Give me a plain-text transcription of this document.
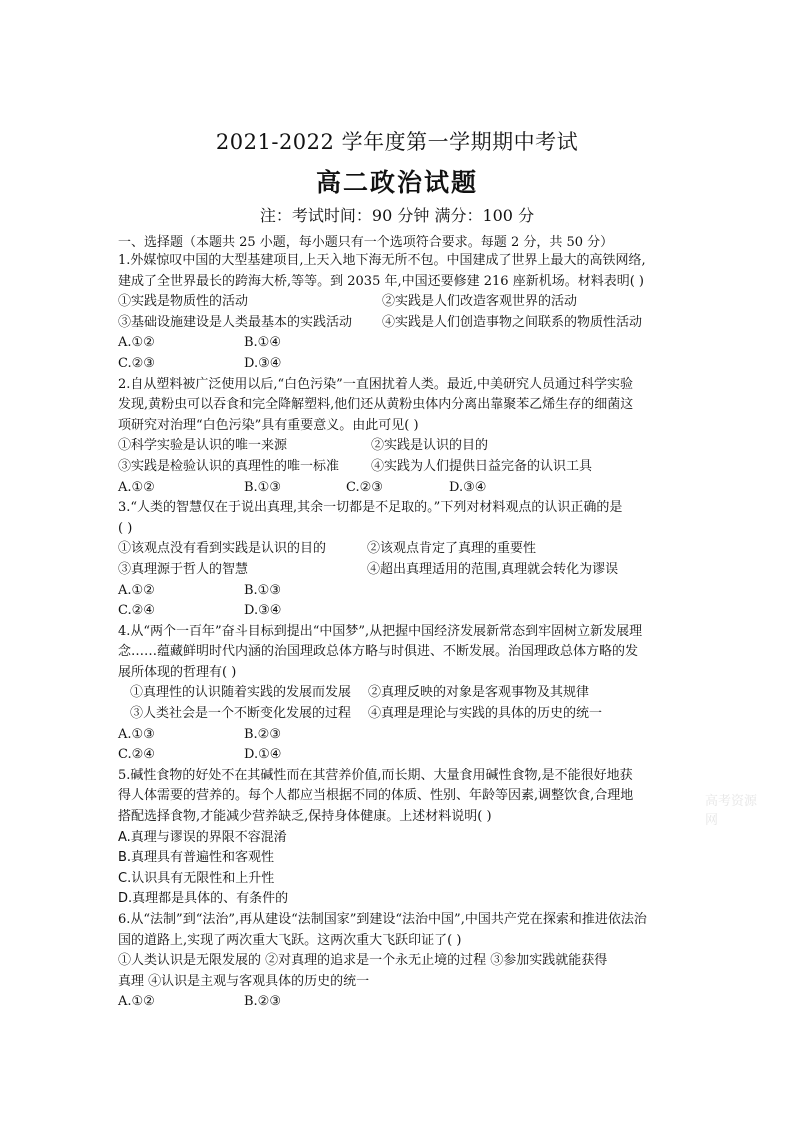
2021-2022 学年度第一学期期中考试
高二政治试题
注：考试时间：90 分钟 满分：100 分
一、选择题（本题共 25 小题，每小题只有一个选项符合要求。每题 2 分，共 50 分）
1.外媒惊叹中国的大型基建项目,上天入地下海无所不包。中国建成了世界上最大的高铁网络,
建成了全世界最长的跨海大桥,等等。到 2035 年,中国还要修建 216 座新机场。材料表明( )
①实践是物质性的活动	②实践是人们改造客观世界的活动
③基础设施建设是人类最基本的实践活动	④实践是人们创造事物之间联系的物质性活动
A.①②	B.①④
C.②③	D.③④
2.自从塑料被广泛使用以后,“白色污染”一直困扰着人类。最近,中美研究人员通过科学实验
发现,黄粉虫可以吞食和完全降解塑料,他们还从黄粉虫体内分离出靠聚苯乙烯生存的细菌这
项研究对治理“白色污染”具有重要意义。由此可见( )
①科学实验是认识的唯一来源	②实践是认识的目的
③实践是检验认识的真理性的唯一标准	④实践为人们提供日益完备的认识工具
A.①②	B.①③	C.②③	D.③④
3.“人类的智慧仅在于说出真理,其余一切都是不足取的。”下列对材料观点的认识正确的是
( )
①该观点没有看到实践是认识的目的	②该观点肯定了真理的重要性
③真理源于哲人的智慧	④超出真理适用的范围,真理就会转化为谬误
A.①②	B.①③
C.②④	D.③④
4.从“两个一百年”奋斗目标到提出“中国梦”,从把握中国经济发展新常态到牢固树立新发展理
念……蕴藏鲜明时代内涵的治国理政总体方略与时俱进、不断发展。治国理政总体方略的发
展所体现的哲理有( )
①真理性的认识随着实践的发展而发展	②真理反映的对象是客观事物及其规律
③人类社会是一个不断变化发展的过程	④真理是理论与实践的具体的历史的统一
A.①③	B.②③
C.②④	D.①④
5.碱性食物的好处不在其碱性而在其营养价值,而长期、大量食用碱性食物,是不能很好地获
得人体需要的营养的。每个人都应当根据不同的体质、性别、年龄等因素,调整饮食,合理地
搭配选择食物,才能减少营养缺乏,保持身体健康。上述材料说明( )
A.真理与谬误的界限不容混淆
B.真理具有普遍性和客观性
C.认识具有无限性和上升性
D.真理都是具体的、有条件的
6.从“法制”到“法治”,再从建设“法制国家”到建设“法治中国”,中国共产党在探索和推进依法治
国的道路上,实现了两次重大飞跃。这两次重大飞跃印证了( )
①人类认识是无限发展的 ②对真理的追求是一个永无止境的过程 ③参加实践就能获得
真理 ④认识是主观与客观具体的历史的统一
A.①②	B.②③
高考资源网
